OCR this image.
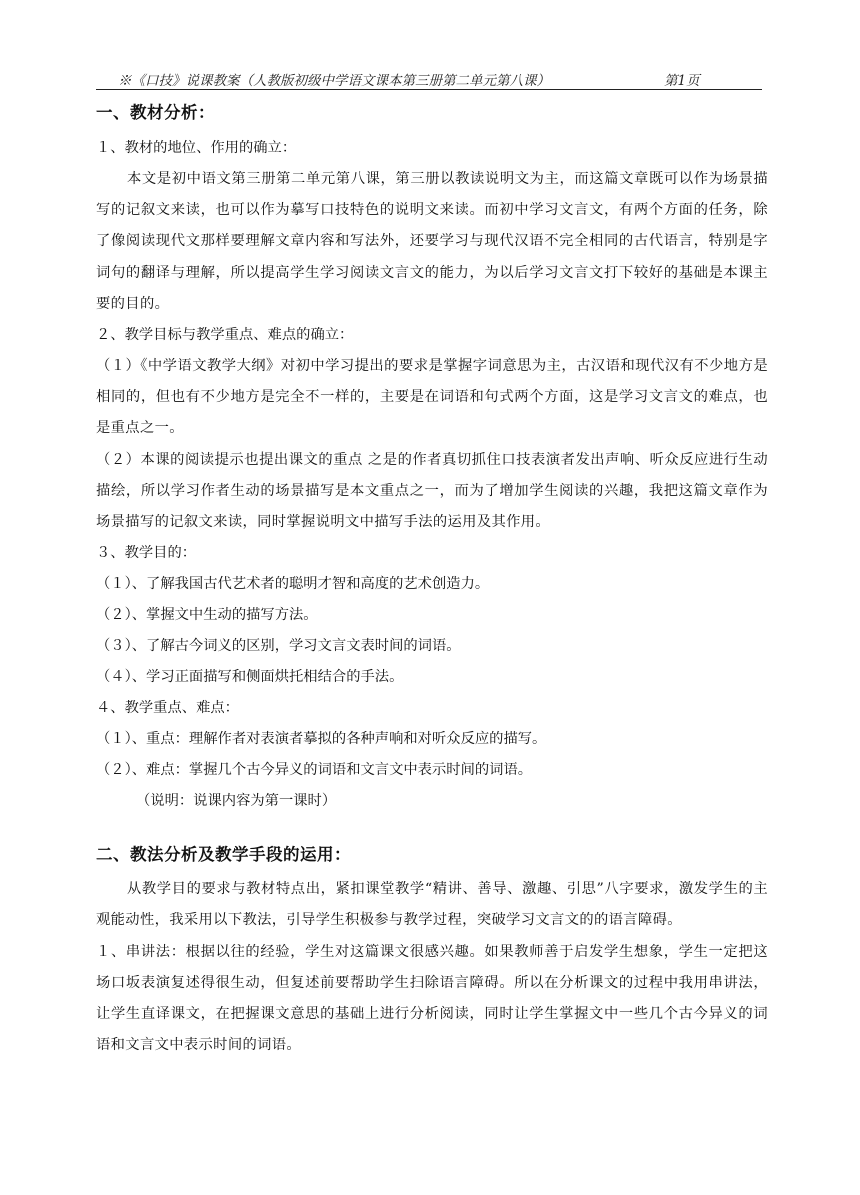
※《口技》说课教案（人教版初级中学语文课本第三册第二单元第八课）	第1页
一、教材分析：
１、教材的地位、作用的确立：
本文是初中语文第三册第二单元第八课，第三册以教读说明文为主，而这篇文章既可以作为场景描写的记叙文来读，也可以作为摹写口技特色的说明文来读。而初中学习文言文，有两个方面的任务，除了像阅读现代文那样要理解文章内容和写法外，还要学习与现代汉语不完全相同的古代语言，特别是字词句的翻译与理解，所以提高学生学习阅读文言文的能力，为以后学习文言文打下较好的基础是本课主要的目的。
２、教学目标与教学重点、难点的确立：
（１）《中学语文教学大纲》对初中学习提出的要求是掌握字词意思为主，古汉语和现代汉有不少地方是相同的，但也有不少地方是完全不一样的，主要是在词语和句式两个方面，这是学习文言文的难点，也是重点之一。
（２）本课的阅读提示也提出课文的重点 之是的作者真切抓住口技表演者发出声响、听众反应进行生动描绘，所以学习作者生动的场景描写是本文重点之一，而为了增加学生阅读的兴趣，我把这篇文章作为场景描写的记叙文来读，同时掌握说明文中描写手法的运用及其作用。
３、教学目的：
（１）、了解我国古代艺术者的聪明才智和高度的艺术创造力。
（２）、掌握文中生动的描写方法。
（３）、了解古今词义的区别，学习文言文表时间的词语。
（４）、学习正面描写和侧面烘托相结合的手法。
４、教学重点、难点：
（１）、重点：理解作者对表演者摹拟的各种声响和对听众反应的描写。
（２）、难点：掌握几个古今异义的词语和文言文中表示时间的词语。
（说明：说课内容为第一课时）
二、教法分析及教学手段的运用：
从教学目的要求与教材特点出，紧扣课堂教学“精讲、善导、激趣、引思”八字要求，激发学生的主观能动性，我采用以下教法，引导学生积极参与教学过程，突破学习文言文的的语言障碍。
１、串讲法：根据以往的经验，学生对这篇课文很感兴趣。如果教师善于启发学生想象，学生一定把这场口坂表演复述得很生动，但复述前要帮助学生扫除语言障碍。所以在分析课文的过程中我用串讲法，让学生直译课文，在把握课文意思的基础上进行分析阅读，同时让学生掌握文中一些几个古今异义的词语和文言文中表示时间的词语。
